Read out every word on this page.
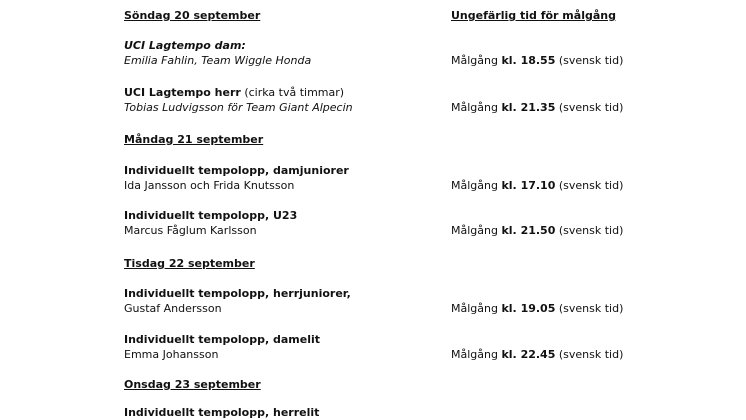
Söndag 20 september	Ungefärlig tid för målgång
UCI Lagtempo dam:
Emilia Fahlin, Team Wiggle Honda	Målgång kl. 18.55 (svensk tid)
UCI Lagtempo herr (cirka två timmar)
Tobias Ludvigsson för Team Giant Alpecin	Målgång kl. 21.35 (svensk tid)
Måndag 21 september
Individuellt tempolopp, damjuniorer
Ida Jansson och Frida Knutsson	Målgång kl. 17.10 (svensk tid)
Individuellt tempolopp, U23
Marcus Fåglum Karlsson	Målgång kl. 21.50 (svensk tid)
Tisdag 22 september
Individuellt tempolopp, herrjuniorer,
Gustaf Andersson	Målgång kl. 19.05 (svensk tid)
Individuellt tempolopp, damelit
Emma Johansson	Målgång kl. 22.45 (svensk tid)
Onsdag 23 september
Individuellt tempolopp, herrelit
